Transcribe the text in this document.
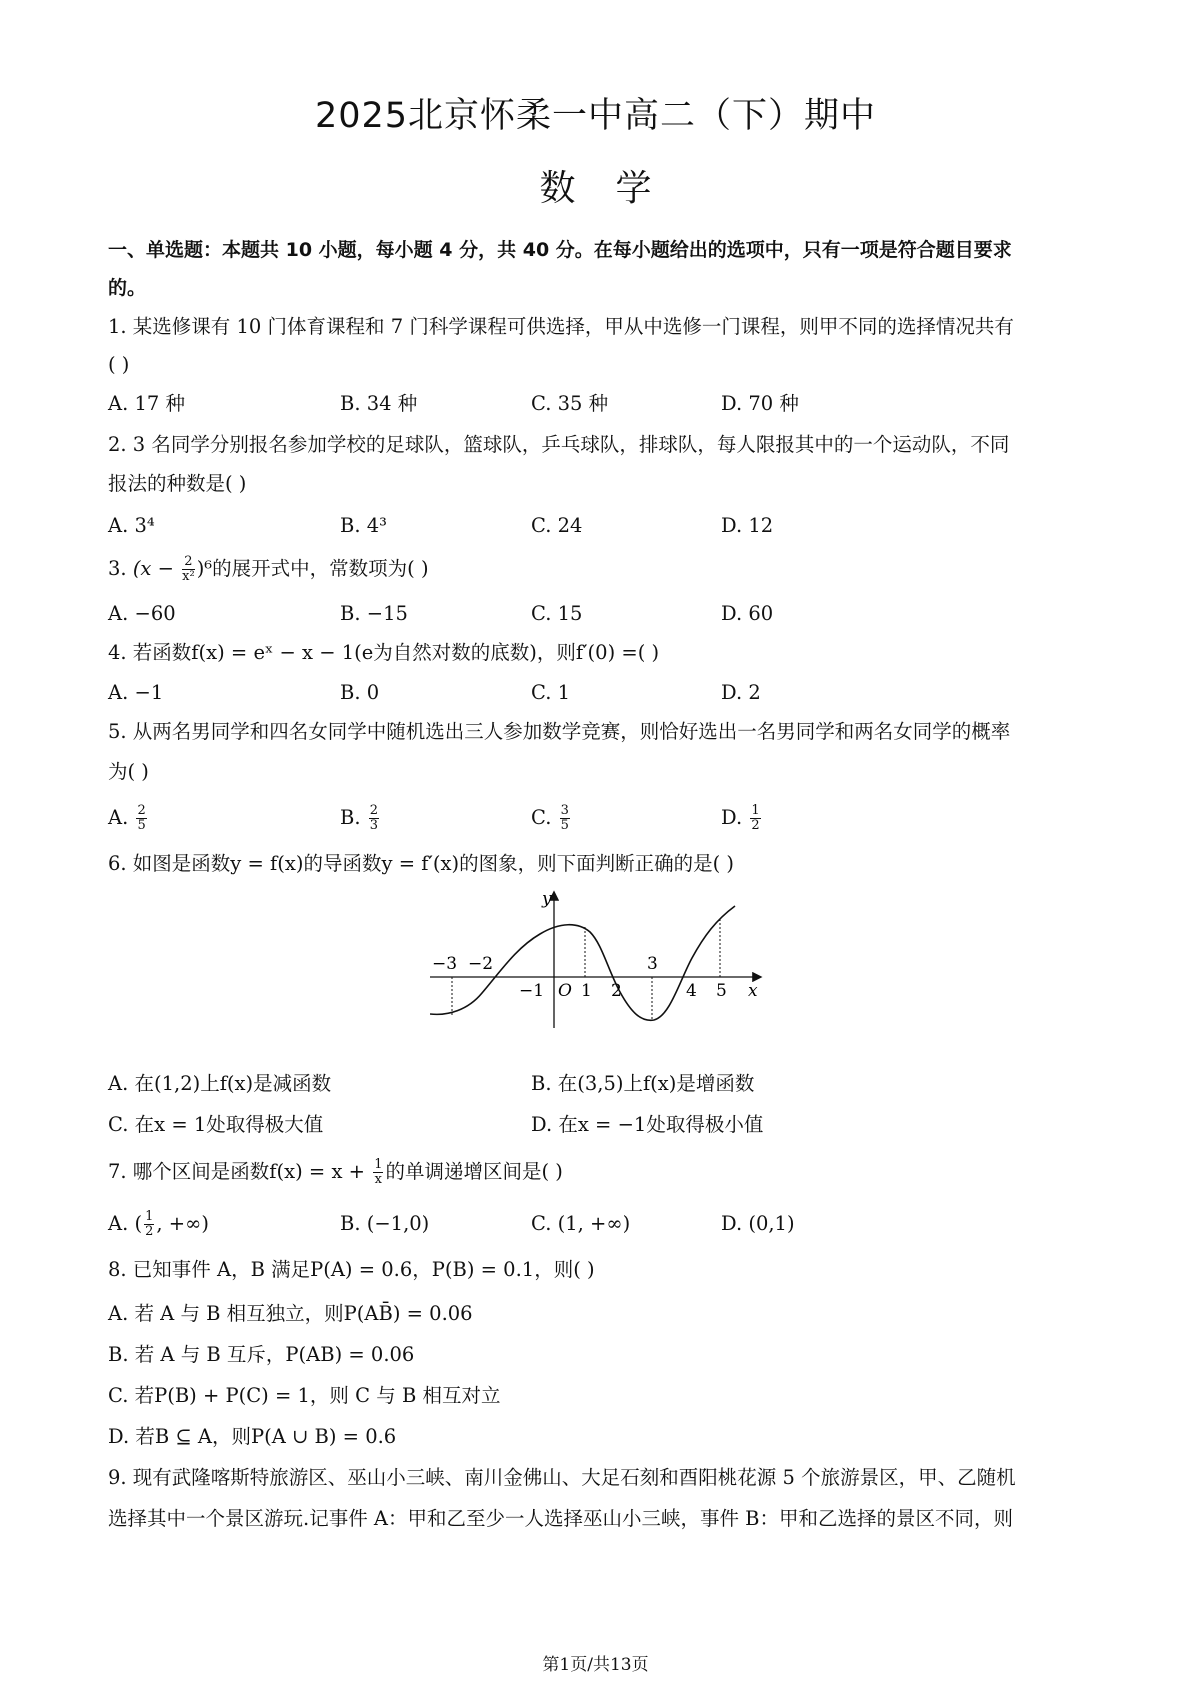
2025北京怀柔一中高二（下）期中
数学
一、单选题：本题共 10 小题，每小题 4 分，共 40 分。在每小题给出的选项中，只有一项是符合题目要求
的。
1. 某选修课有 10 门体育课程和 7 门科学课程可供选择，甲从中选修一门课程，则甲不同的选择情况共有
( )
A. 17 种	B. 34 种	C. 35 种	D. 70 种
2. 3 名同学分别报名参加学校的足球队，篮球队，乒乓球队，排球队，每人限报其中的一个运动队，不同
报法的种数是( )
A. 3⁴	B. 4³	C. 24	D. 12
3. $(x - \frac{2}{\text{x²}} )^6$的展开式中，常数项为( )
A. −60	B. −15	C. 15	D. 60
4. 若函数f(x) = eˣ − x − 1(e为自然对数的底数)，则f′(0) =( )
A. −1	B. 0	C. 1	D. 2
5. 从两名男同学和四名女同学中随机选出三人参加数学竞赛，则恰好选出一名男同学和两名女同学的概率
为( )
A. $\frac{2}{5}$	B. $\frac{2}{3}$	C. $\frac{3}{5}$	D. $\frac{1}{2}$
6. 如图是函数y = f(x)的导函数y = f′(x)的图象，则下面判断正确的是( )
y
x
O
−3 −2	3
−1 1 2	4 5
A. 在(1,2)上f(x)是减函数	B. 在(3,5)上f(x)是增函数
C. 在x = 1处取得极大值	D. 在x = −1处取得极小值
7. 哪个区间是函数$f(x) = x + \frac{1}{x}$ 的单调递增区间是( )
A. ( $\frac{1}{2}$ , +∞)	B. (−1,0)	C. (1, +∞)	D. (0,1)
8. 已知事件 A，B 满足P(A) = 0.6，P(B) = 0.1，则( )
A. 若 A 与 B 相互独立，则P(AB̄) = 0.06
B. 若 A 与 B 互斥，P(AB) = 0.06
C. 若P(B) + P(C) = 1，则 C 与 B 相互对立
D. 若B ⊆ A，则P(A ∪ B) = 0.6
9. 现有武隆喀斯特旅游区、巫山小三峡、南川金佛山、大足石刻和酉阳桃花源 5 个旅游景区，甲、乙随机
选择其中一个景区游玩.记事件 A：甲和乙至少一人选择巫山小三峡，事件 B：甲和乙选择的景区不同，则
第1页/共13页
